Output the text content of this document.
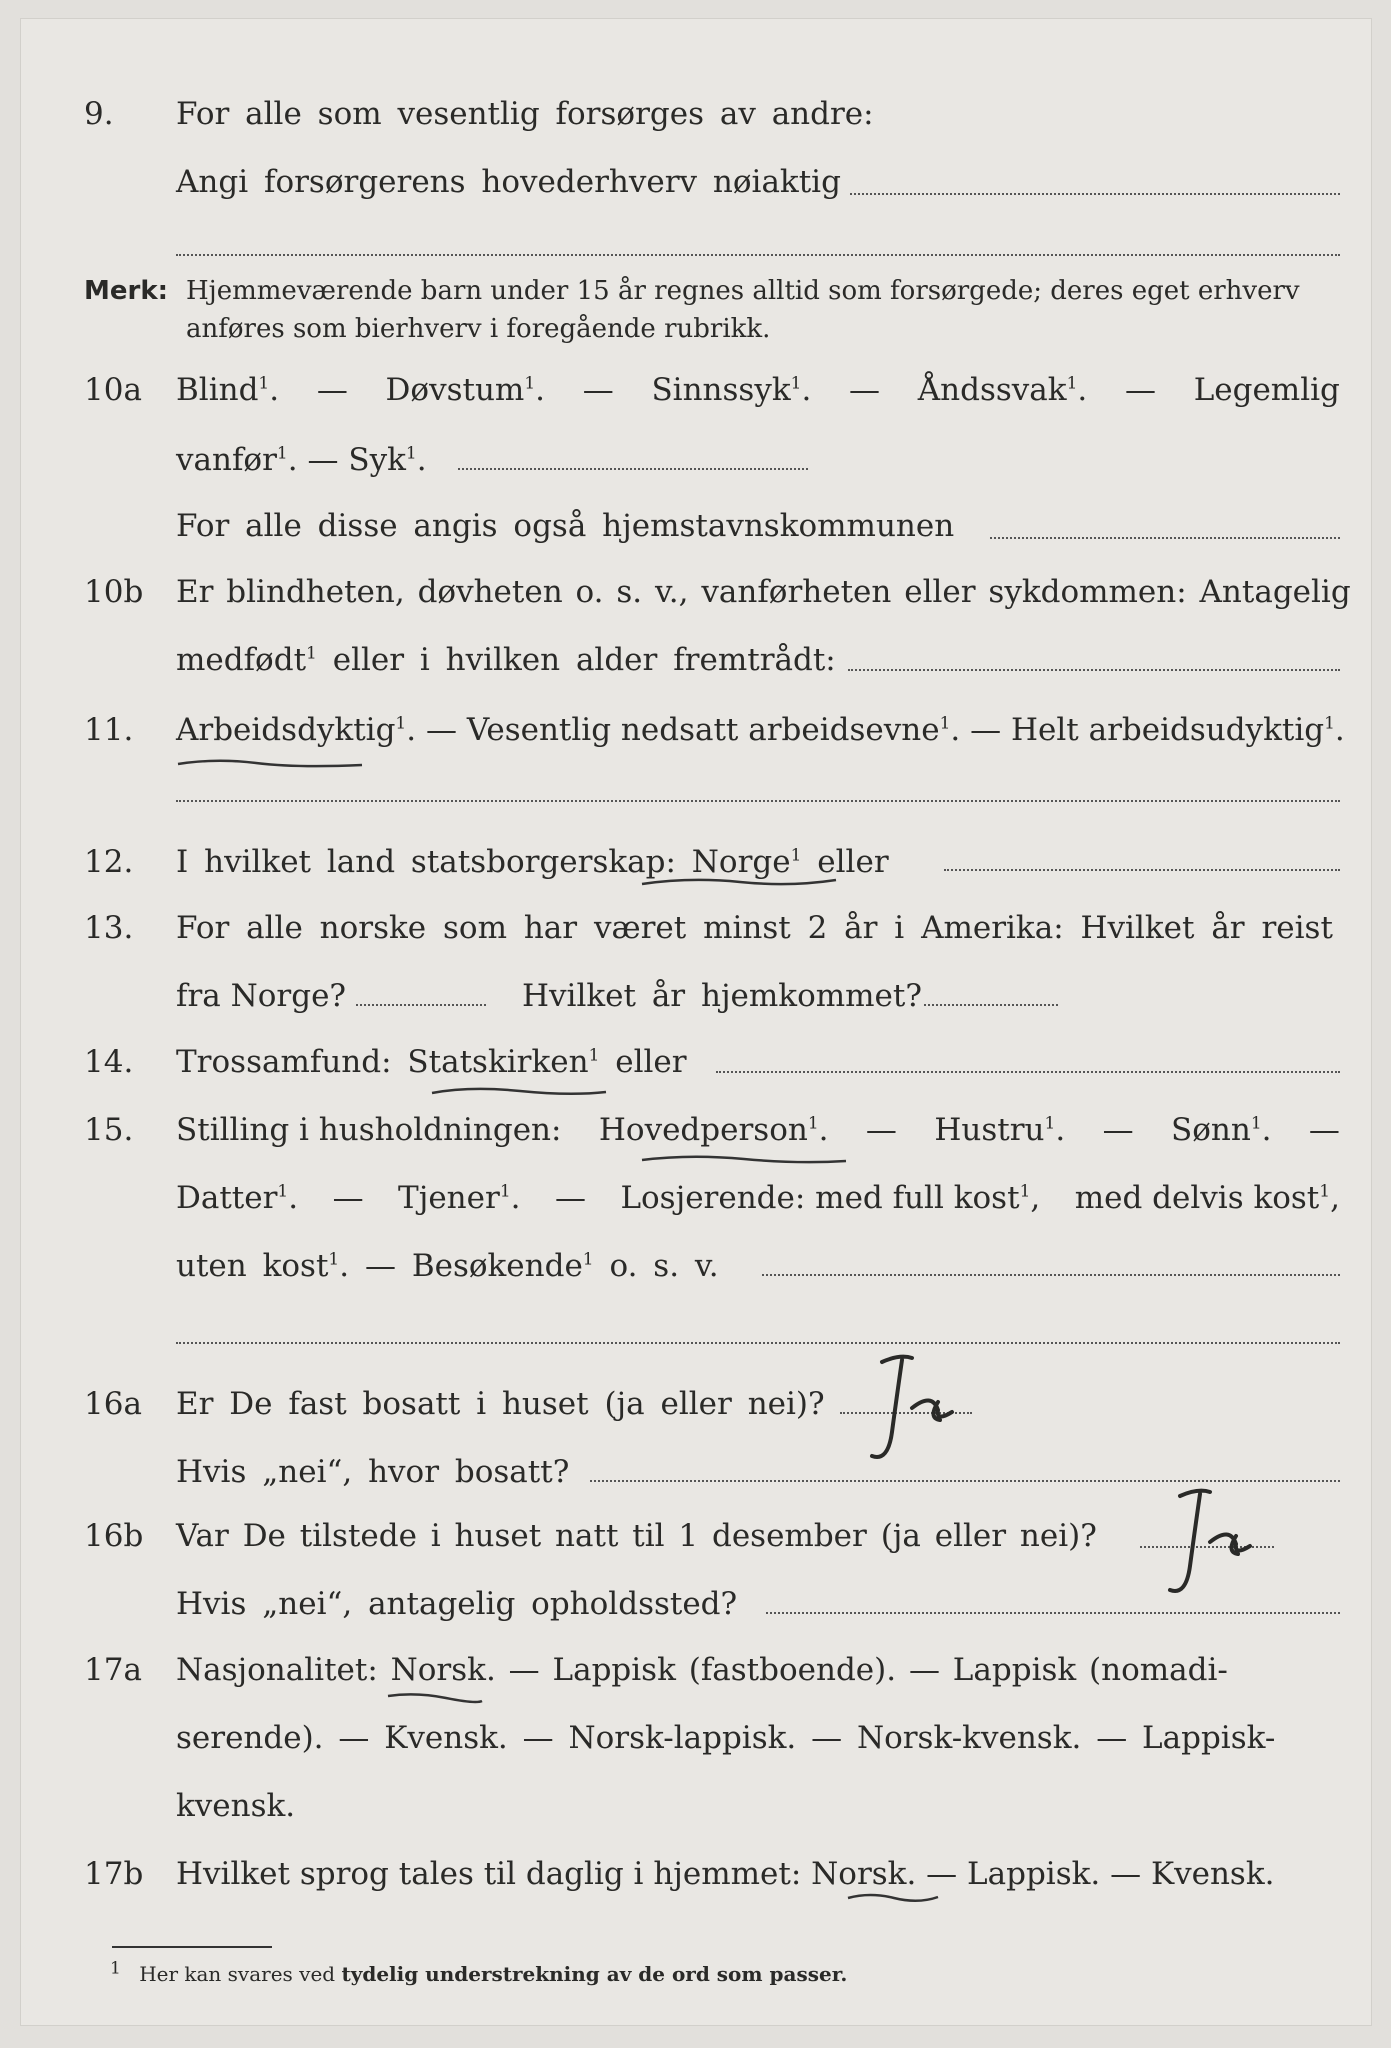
9.	For alle som vesentlig forsørges av andre:
Angi forsørgerens hovederhverv nøiaktig
Merk: Hjemmeværende barn under 15 år regnes alltid som forsørgede; deres eget erhverv
anføres som bierhverv i foregående rubrikk.
10a	Blind$^1$. — Døvstum$^1$. — Sinnssyk$^1$. — Åndssvak$^1$. — Legemlig
vanfør$^1$. — Syk$^1$.
For alle disse angis også hjemstavnskommunen
10b	Er blindheten, døvheten o. s. v., vanførheten eller sykdommen: Antagelig
medfødt$^1$ eller i hvilken alder fremtrådt:
11.	Arbeidsdyktig$^1$. — Vesentlig nedsatt arbeidsevne$^1$. — Helt arbeidsudyktig$^1$.
12.	I hvilket land statsborgerskap: Norge$^1$ eller
13.	For alle norske som har været minst 2 år i Amerika: Hvilket år reist
fra Norge?	Hvilket år hjemkommet?
14.	Trossamfund: Statskirken$^1$ eller
15.	Stilling i husholdningen: Hovedperson$^1$. — Hustru$^1$. — Sønn$^1$. —
Datter$^1$. — Tjener$^1$. — Losjerende: med full kost$^1$, med delvis kost$^1$,
uten kost$^1$. — Besøkende$^1$ o. s. v.
16a	Er De fast bosatt i huset (ja eller nei)?
Hvis „nei“, hvor bosatt?
16b	Var De tilstede i huset natt til 1 desember (ja eller nei)?
Hvis „nei“, antagelig opholdssted?
17a	Nasjonalitet: Norsk. — Lappisk (fastboende). — Lappisk (nomadi-
serende). — Kvensk. — Norsk-lappisk. — Norsk-kvensk. — Lappisk-
kvensk.
17b	Hvilket sprog tales til daglig i hjemmet: Norsk. — Lappisk. — Kvensk.
$^1$ Her kan svares ved tydelig understrekning av de ord som passer.
